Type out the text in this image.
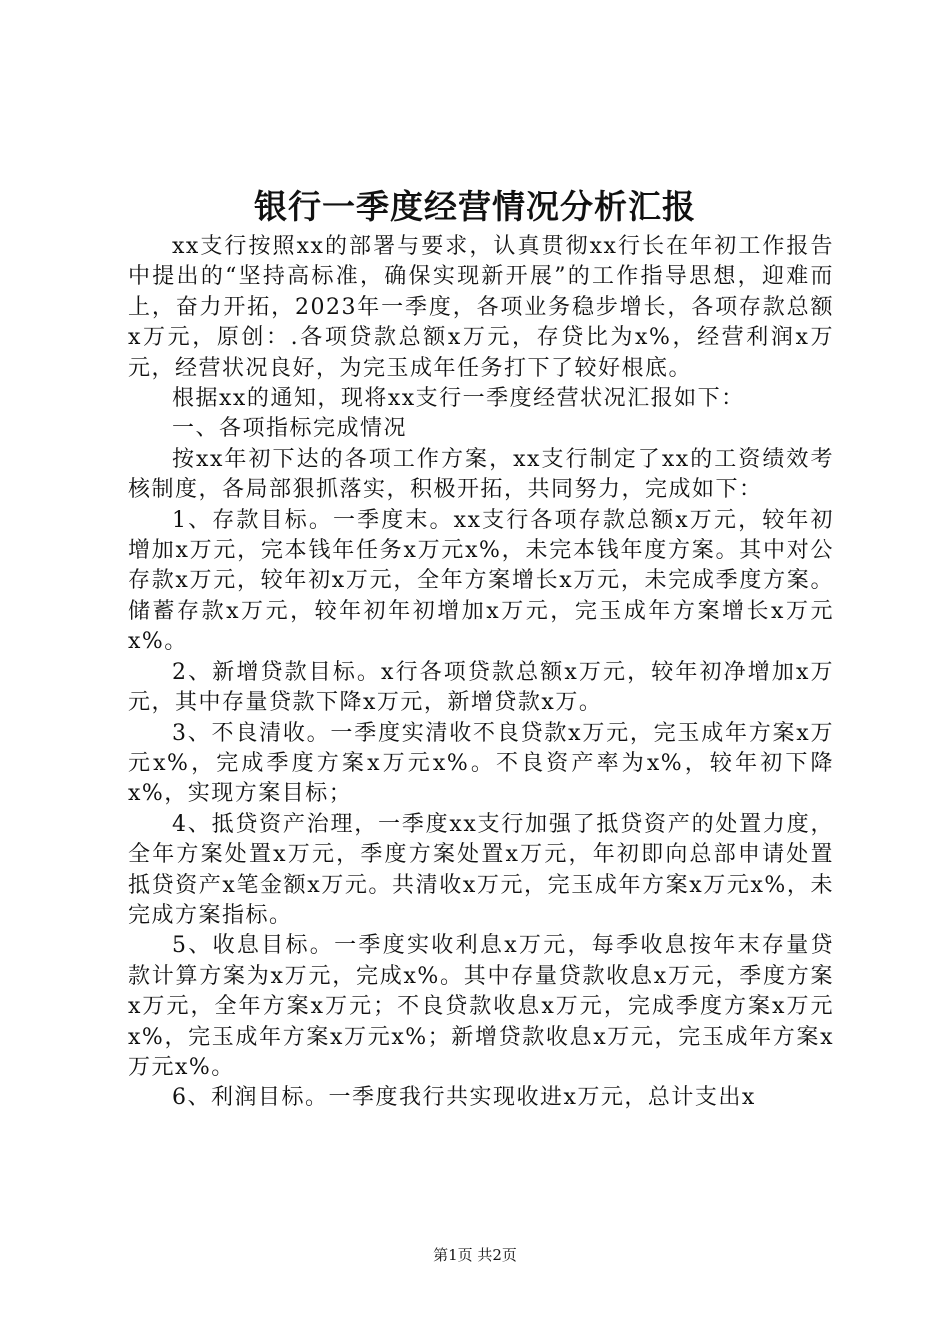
银行一季度经营情况分析汇报

xx支行按照xx的部署与要求，认真贯彻xx行长在年初工作报告中提出的“坚持高标准，确保实现新开展”的工作指导思想，迎难而上，奋力开拓，2023年一季度，各项业务稳步增长，各项存款总额x万元，原创：.各项贷款总额x万元，存贷比为x%，经营利润x万元，经营状况良好，为完玉成年任务打下了较好根底。

根据xx的通知，现将xx支行一季度经营状况汇报如下：

一、各项指标完成情况

按xx年初下达的各项工作方案，xx支行制定了xx的工资绩效考核制度，各局部狠抓落实，积极开拓，共同努力，完成如下：

1、存款目标。一季度末。xx支行各项存款总额x万元，较年初增加x万元，完本钱年任务x万元x%，未完本钱年度方案。其中对公存款x万元，较年初x万元，全年方案增长x万元，未完成季度方案。储蓄存款x万元，较年初年初增加x万元，完玉成年方案增长x万元x%。

2、新增贷款目标。x行各项贷款总额x万元，较年初净增加x万元，其中存量贷款下降x万元，新增贷款x万。

3、不良清收。一季度实清收不良贷款x万元，完玉成年方案x万元x%，完成季度方案x万元x%。不良资产率为x%，较年初下降x%，实现方案目标；

4、抵贷资产治理，一季度xx支行加强了抵贷资产的处置力度，全年方案处置x万元，季度方案处置x万元，年初即向总部申请处置抵贷资产x笔金额x万元。共清收x万元，完玉成年方案x万元x%，未完成方案指标。

5、收息目标。一季度实收利息x万元，每季收息按年末存量贷款计算方案为x万元，完成x%。其中存量贷款收息x万元，季度方案x万元，全年方案x万元；不良贷款收息x万元，完成季度方案x万元x%，完玉成年方案x万元x%；新增贷款收息x万元，完玉成年方案x万元x%。

6、利润目标。一季度我行共实现收进x万元，总计支出x

第1页 共2页
